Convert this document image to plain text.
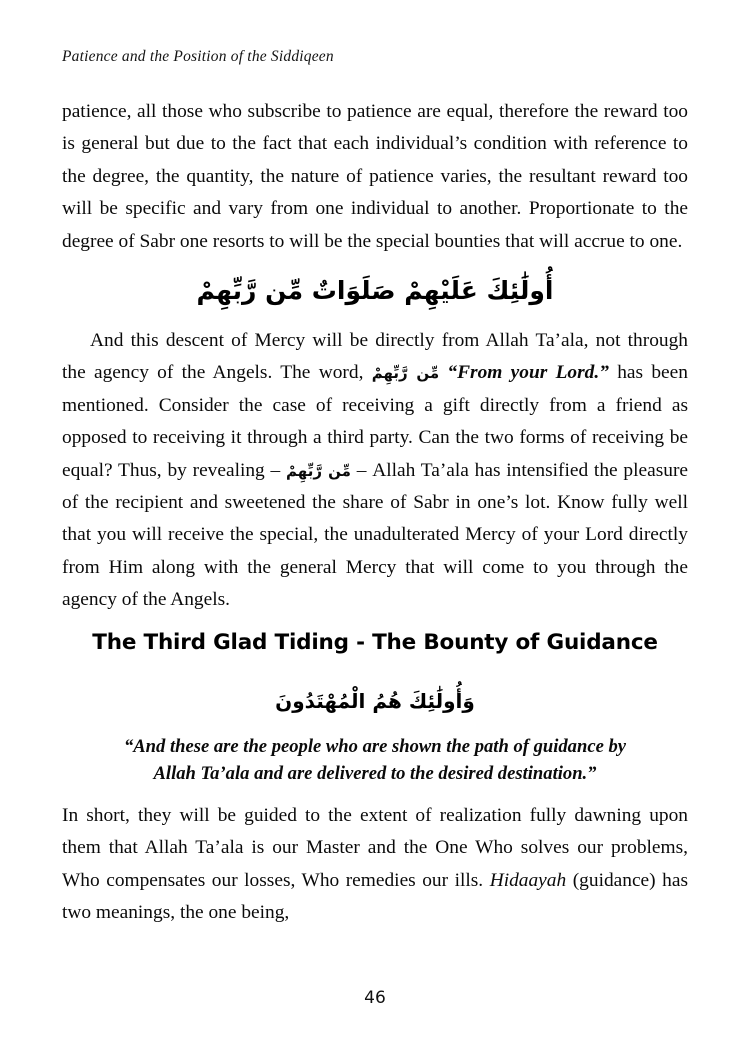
Patience and the Position of the Siddiqeen

patience, all those who subscribe to patience are equal, therefore the reward too is general but due to the fact that each individual’s condition with reference to the degree, the quantity, the nature of patience varies, the resultant reward too will be specific and vary from one individual to another. Proportionate to the degree of Sabr one resorts to will be the special bounties that will accrue to one.

أُولَٰئِكَ عَلَيْهِمْ صَلَوَاتٌ مِّن رَّبِّهِمْ

And this descent of Mercy will be directly from Allah Ta’ala, not through the agency of the Angels. The word, مِّن رَّبِّهِمْ “From your Lord.” has been mentioned. Consider the case of receiving a gift directly from a friend as opposed to receiving it through a third party. Can the two forms of receiving be equal? Thus, by revealing – مِّن رَّبِّهِمْ – Allah Ta’ala has intensified the pleasure of the recipient and sweetened the share of Sabr in one’s lot. Know fully well that you will receive the special, the unadulterated Mercy of your Lord directly from Him along with the general Mercy that will come to you through the agency of the Angels.

The Third Glad Tiding - The Bounty of Guidance
وَأُولَٰئِكَ هُمُ الْمُهْتَدُونَ
“And these are the people who are shown the path of guidance by
Allah Ta’ala and are delivered to the desired destination.”

In short, they will be guided to the extent of realization fully dawning upon them that Allah Ta’ala is our Master and the One Who solves our problems, Who compensates our losses, Who remedies our ills. Hidaayah (guidance) has two meanings, the one being,

46
